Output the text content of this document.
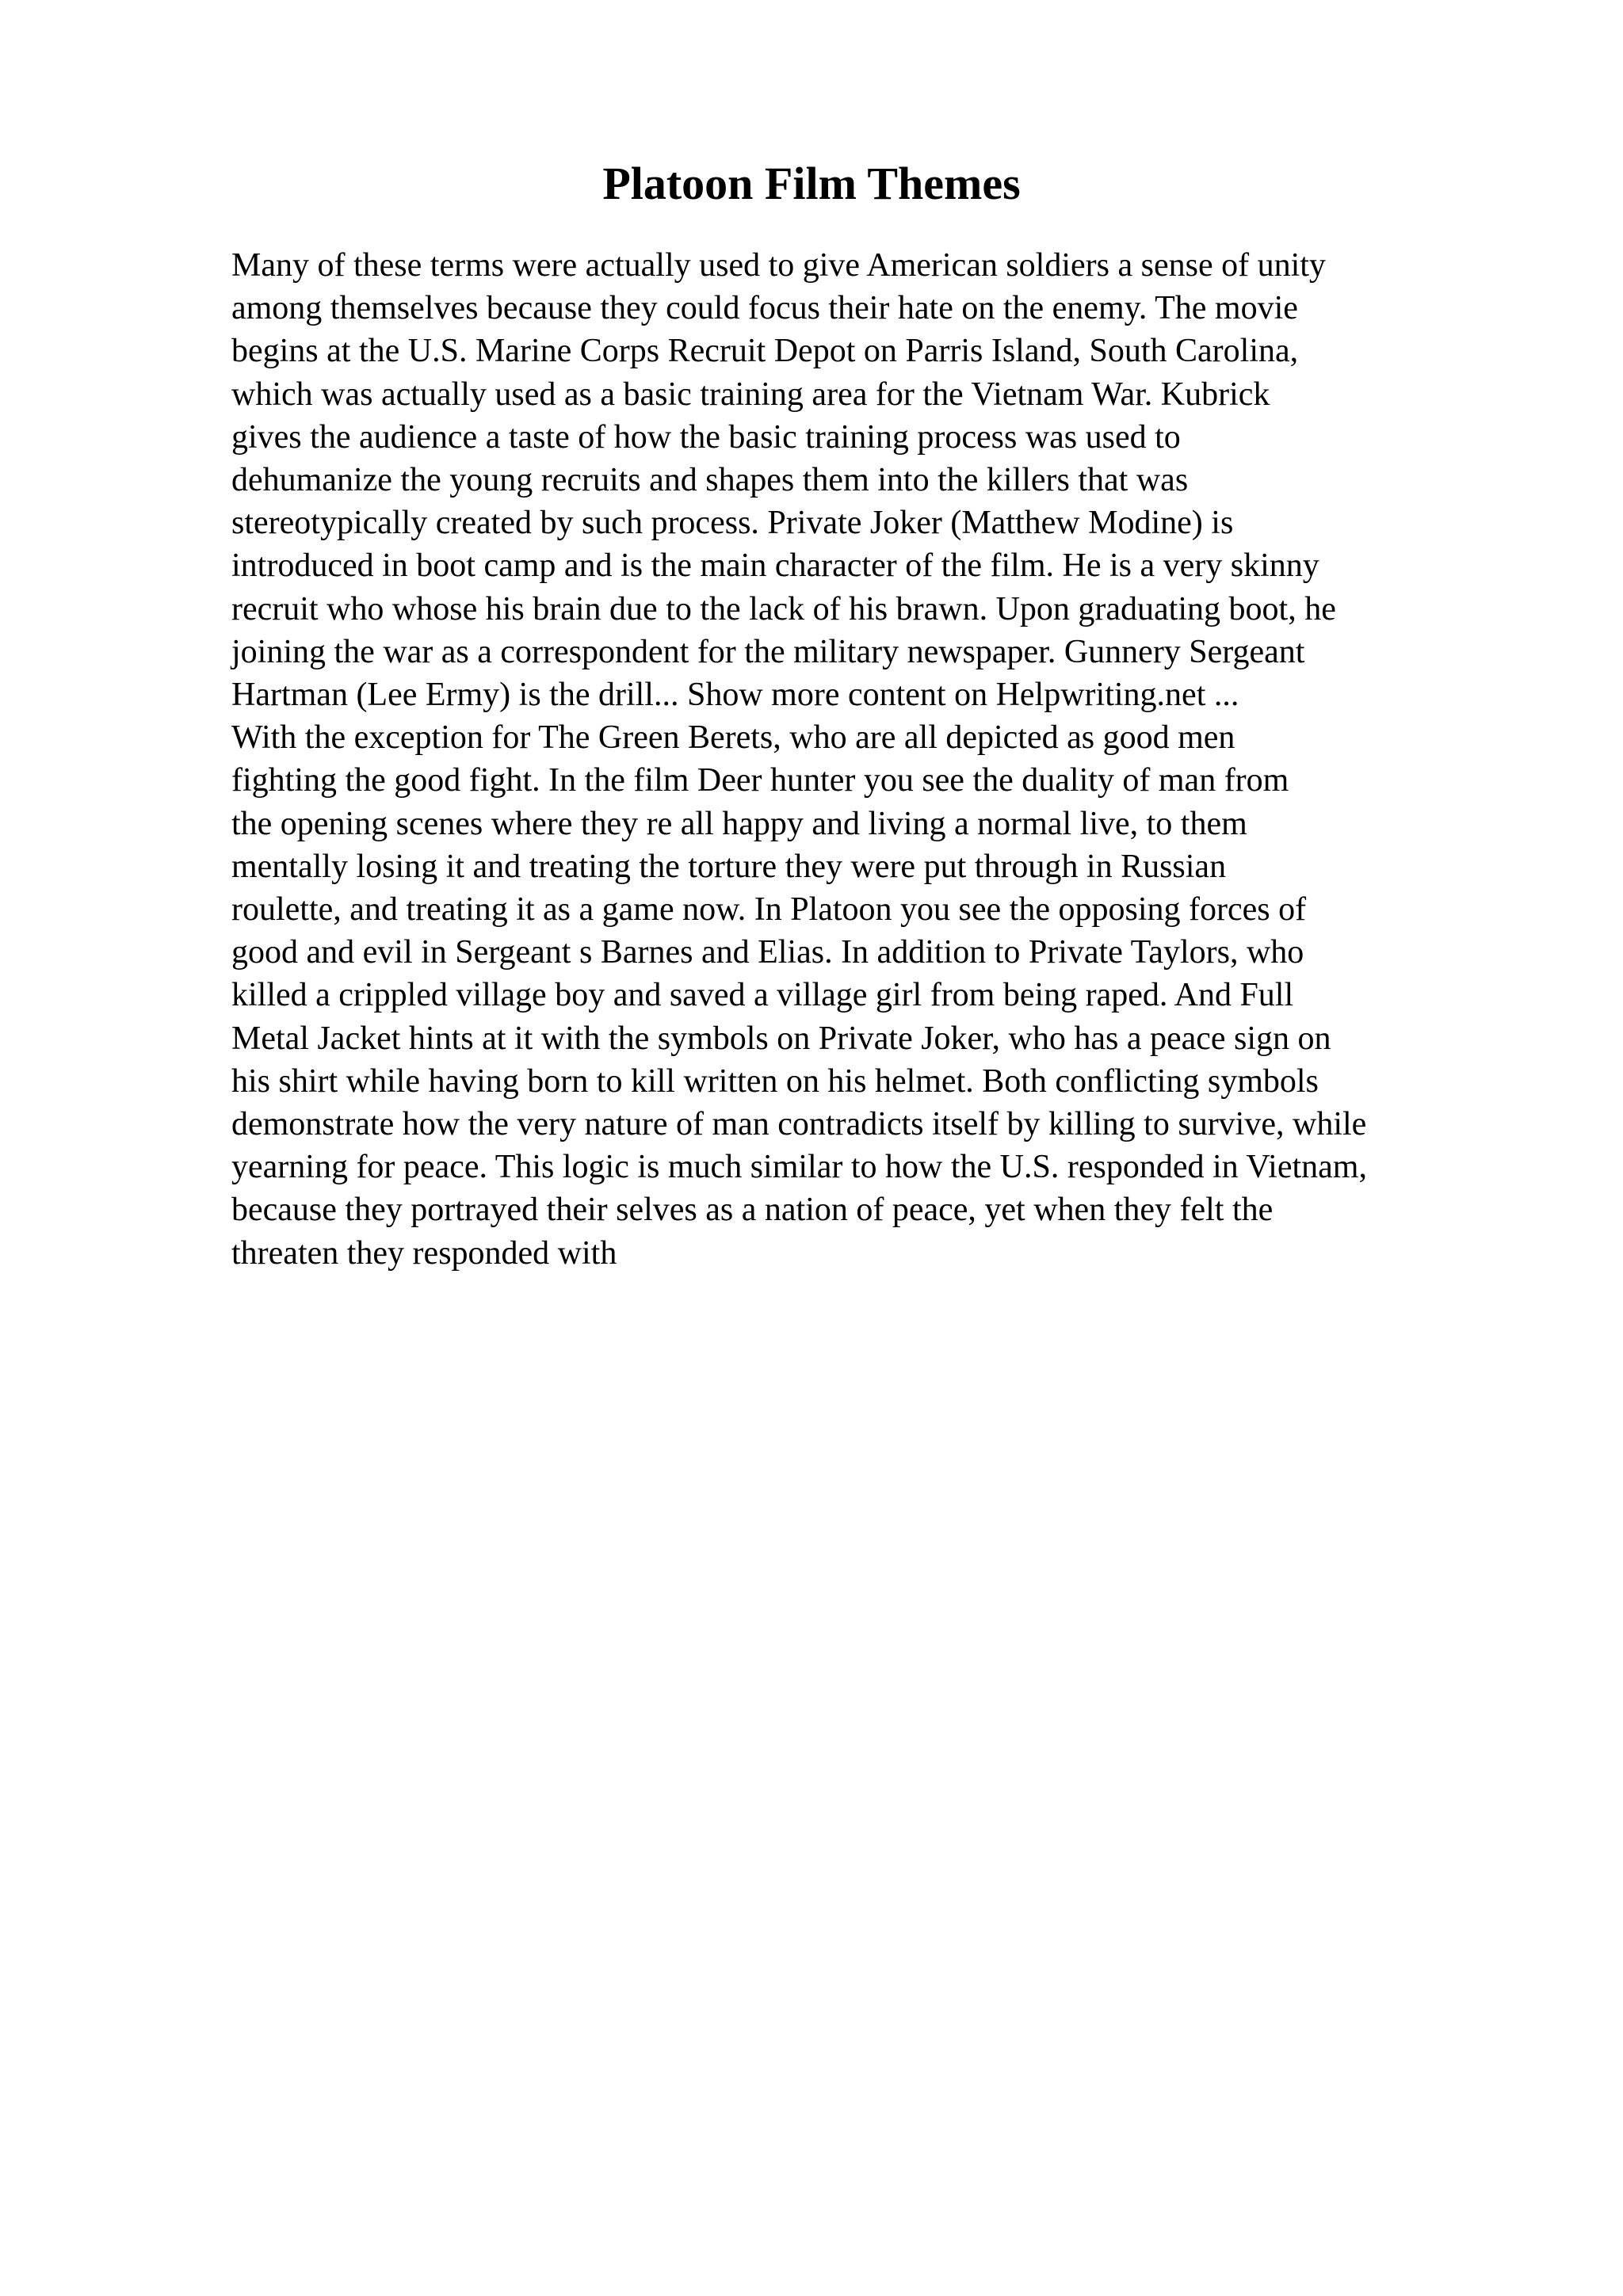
Platoon Film Themes
Many of these terms were actually used to give American soldiers a sense of unity
among themselves because they could focus their hate on the enemy. The movie
begins at the U.S. Marine Corps Recruit Depot on Parris Island, South Carolina,
which was actually used as a basic training area for the Vietnam War. Kubrick
gives the audience a taste of how the basic training process was used to
dehumanize the young recruits and shapes them into the killers that was
stereotypically created by such process. Private Joker (Matthew Modine) is
introduced in boot camp and is the main character of the film. He is a very skinny
recruit who whose his brain due to the lack of his brawn. Upon graduating boot, he
joining the war as a correspondent for the military newspaper. Gunnery Sergeant
Hartman (Lee Ermy) is the drill... Show more content on Helpwriting.net ...
With the exception for The Green Berets, who are all depicted as good men
fighting the good fight. In the film Deer hunter you see the duality of man from
the opening scenes where they re all happy and living a normal live, to them
mentally losing it and treating the torture they were put through in Russian
roulette, and treating it as a game now. In Platoon you see the opposing forces of
good and evil in Sergeant s Barnes and Elias. In addition to Private Taylors, who
killed a crippled village boy and saved a village girl from being raped. And Full
Metal Jacket hints at it with the symbols on Private Joker, who has a peace sign on
his shirt while having born to kill written on his helmet. Both conflicting symbols
demonstrate how the very nature of man contradicts itself by killing to survive, while
yearning for peace. This logic is much similar to how the U.S. responded in Vietnam,
because they portrayed their selves as a nation of peace, yet when they felt the
threaten they responded with
